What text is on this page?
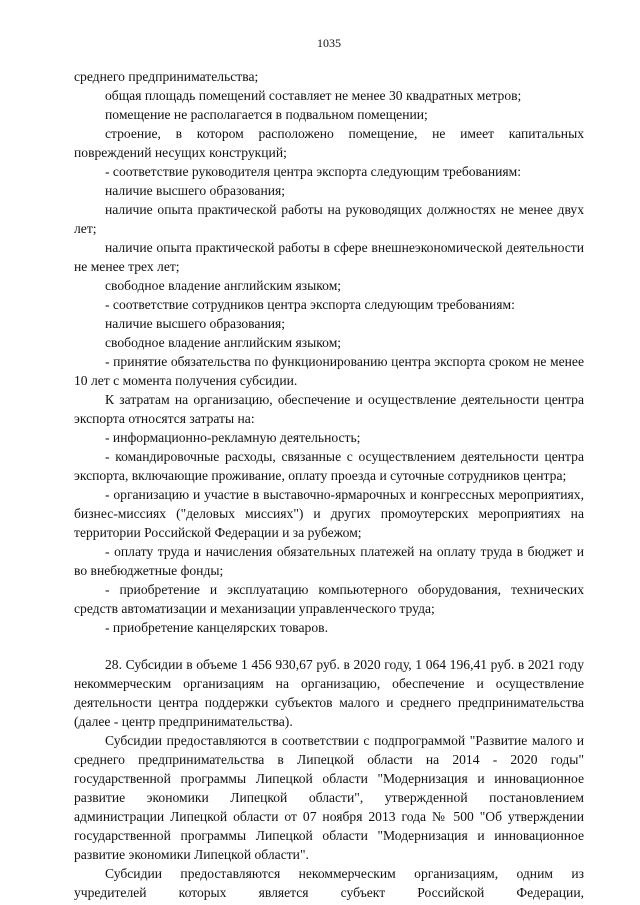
1035

среднего предпринимательства;

общая площадь помещений составляет не менее 30 квадратных метров;

помещение не располагается в подвальном помещении;

строение, в котором расположено помещение, не имеет капитальных повреждений несущих конструкций;

- соответствие руководителя центра экспорта следующим требованиям:

наличие высшего образования;

наличие опыта практической работы на руководящих должностях не менее двух лет;

наличие опыта практической работы в сфере внешнеэкономической деятельности не менее трех лет;

свободное владение английским языком;

- соответствие сотрудников центра экспорта следующим требованиям:

наличие высшего образования;

свободное владение английским языком;

- принятие обязательства по функционированию центра экспорта сроком не менее 10 лет с момента получения субсидии.

К затратам на организацию, обеспечение и осуществление деятельности центра экспорта относятся затраты на:

- информационно-рекламную деятельность;

- командировочные расходы, связанные с осуществлением деятельности центра экспорта, включающие проживание, оплату проезда и суточные сотрудников центра;

- организацию и участие в выставочно-ярмарочных и конгрессных мероприятиях, бизнес-миссиях ("деловых миссиях") и других промоутерских мероприятиях на территории Российской Федерации и за рубежом;

- оплату труда и начисления обязательных платежей на оплату труда в бюджет и во внебюджетные фонды;

- приобретение и эксплуатацию компьютерного оборудования, технических средств автоматизации и механизации управленческого труда;

- приобретение канцелярских товаров.

28. Субсидии в объеме 1 456 930,67 руб. в 2020 году, 1 064 196,41 руб. в 2021 году некоммерческим организациям на организацию, обеспечение и осуществление деятельности центра поддержки субъектов малого и среднего предпринимательства (далее - центр предпринимательства).

Субсидии предоставляются в соответствии с подпрограммой "Развитие малого и среднего предпринимательства в Липецкой области на 2014 - 2020 годы" государственной программы Липецкой области "Модернизация и инновационное развитие экономики Липецкой области", утвержденной постановлением администрации Липецкой области от 07 ноября 2013 года № 500 "Об утверждении государственной программы Липецкой области "Модернизация и инновационное развитие экономики Липецкой области".

Субсидии предоставляются некоммерческим организациям, одним из учредителей которых является субъект Российской Федерации,
